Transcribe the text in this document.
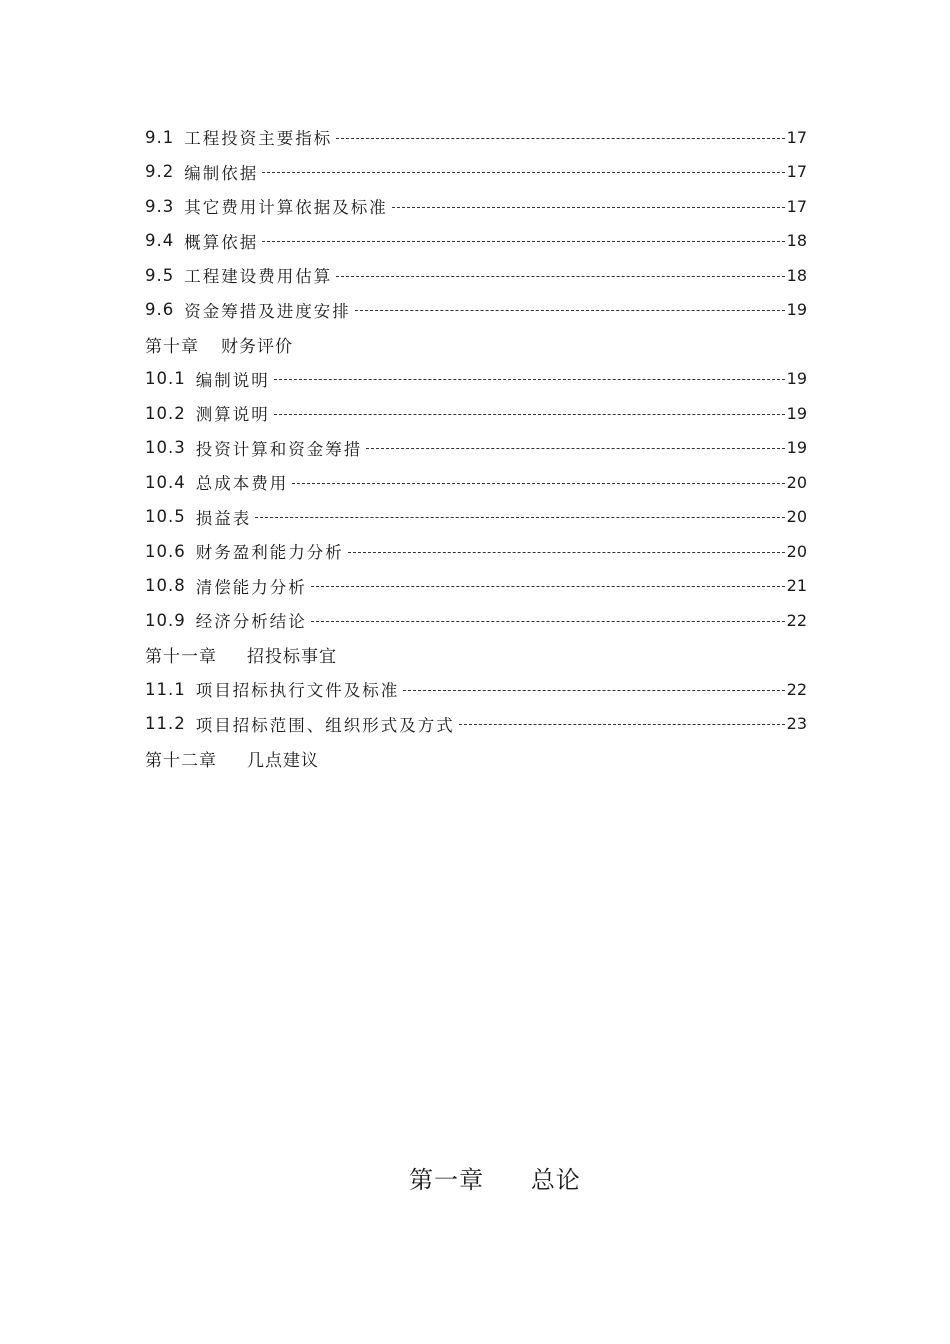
9.1 工程投资主要指标	17
9.2 编制依据	17
9.3 其它费用计算依据及标准	17
9.4 概算依据	18
9.5 工程建设费用估算	18
9.6 资金筹措及进度安排	19
第十章 财务评价
10.1 编制说明	19
10.2 测算说明	19
10.3 投资计算和资金筹措	19
10.4 总成本费用	20
10.5 损益表	20
10.6 财务盈利能力分析	20
10.8 清偿能力分析	21
10.9 经济分析结论	22
第十一章 招投标事宜
11.1 项目招标执行文件及标准	22
11.2 项目招标范围、组织形式及方式	23
第十二章 几点建议
第一章 总论
